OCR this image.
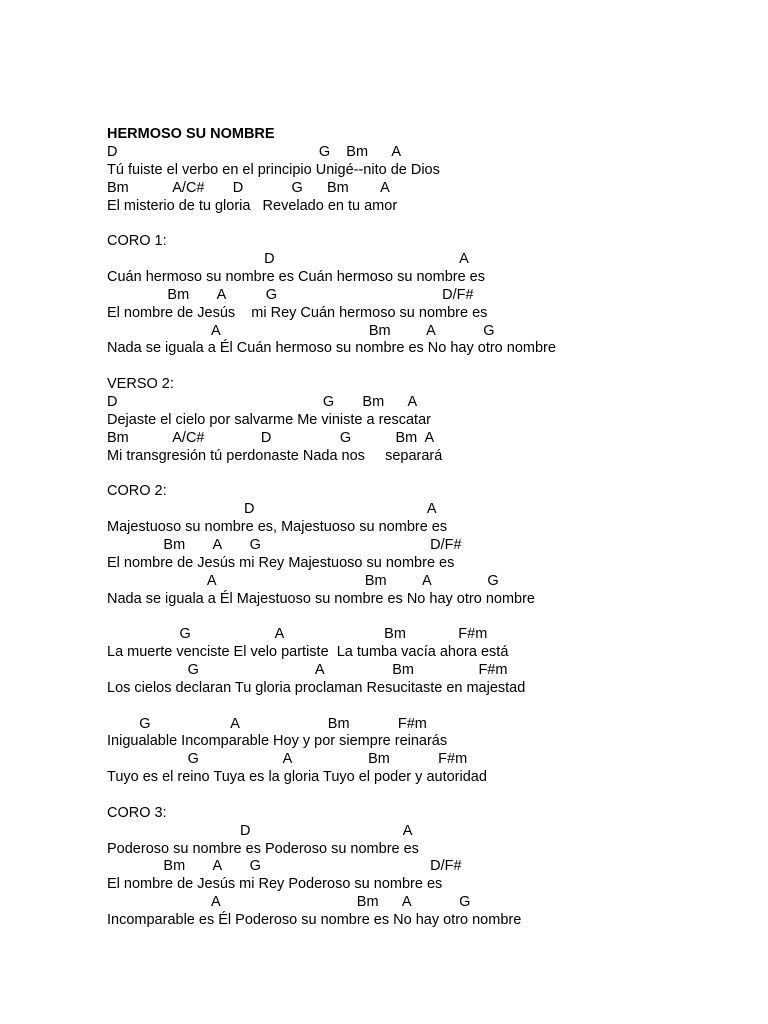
HERMOSO SU NOMBRE
D                                                  G    Bm      A
Tú fuiste el verbo en el principio Unigé--nito de Dios
Bm           A/C#       D            G      Bm        A
El misterio de tu gloria   Revelado en tu amor
CORO 1:
D                                              A
Cuán hermoso su nombre es Cuán hermoso su nombre es
Bm       A          G                                         D/F#
El nombre de Jesús    mi Rey Cuán hermoso su nombre es
A                                     Bm         A            G
Nada se iguala a Él Cuán hermoso su nombre es No hay otro nombre
VERSO 2:
D                                                   G       Bm      A
Dejaste el cielo por salvarme Me viniste a rescatar
Bm           A/C#              D                 G           Bm  A
Mi transgresión tú perdonaste Nada nos     separará
CORO 2:
D                                           A
Majestuoso su nombre es, Majestuoso su nombre es
Bm       A       G                                          D/F#
El nombre de Jesús mi Rey Majestuoso su nombre es
A                                     Bm         A              G
Nada se iguala a Él Majestuoso su nombre es No hay otro nombre
G                     A                         Bm             F#m
La muerte venciste El velo partiste  La tumba vacía ahora está
G                             A                 Bm                F#m
Los cielos declaran Tu gloria proclaman Resucitaste en majestad
G                    A                      Bm            F#m
Inigualable Incomparable Hoy y por siempre reinarás
G                     A                   Bm            F#m
Tuyo es el reino Tuya es la gloria Tuyo el poder y autoridad
CORO 3:
D                                      A
Poderoso su nombre es Poderoso su nombre es
Bm       A       G                                          D/F#
El nombre de Jesús mi Rey Poderoso su nombre es
A                                  Bm      A            G
Incomparable es Él Poderoso su nombre es No hay otro nombre
